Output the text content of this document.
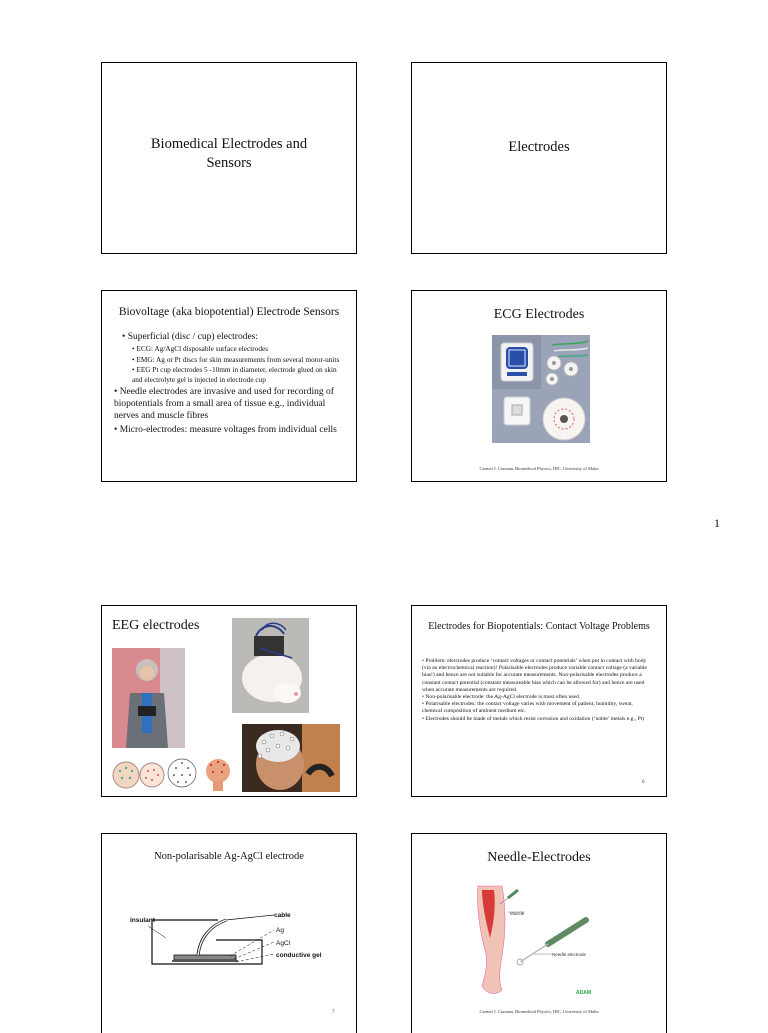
Biomedical Electrodes and Sensors
Electrodes
Biovoltage (aka biopotential) Electrode Sensors
• Superficial (disc / cup) electrodes:
• ECG: Ag/AgCl disposable surface electrodes
• EMG: Ag or Pt discs for skin measurements from several motor-units
• EEG Pt cup electrodes 5 -10mm in diameter, electrode glued on skin and electrolyte gel is injected in electrode cup
• Needle electrodes are invasive and used for recording of biopotentials from a small area of tissue e.g., individual nerves and muscle fibres
• Micro-electrodes: measure voltages from individual cells
ECG Electrodes
Carmel J. Caruana, Biomedical Physics, IHC, University of Malta
1
EEG electrodes	Electrodes for Biopotentials: Contact Voltage Problems

• Problem: electrodes produce ‘contact voltages or contact potentials’ when put in contact with body (via an electrochemical reaction)! Polarisable electrodes produce variable contact voltage (a variable bias!) and hence are not suitable for accurate measurements. Non-polarisable electrodes produce a constant contact potential (constant measureable bias which can be allowed for) and hence are used when accurate measurements are required.

• Non-polarisable electrode: the Ag-AgCl electrode is most often used.

• Polarisable electrodes: the contact voltage varies with movement of patient, humidity, sweat, chemical composition of ambient medium etc.

• Electrodes should be made of metals which resist corrosion and oxidation (‘noble’ metals e.g., Pt)

6
Non-polarisable Ag-AgCl electrode
insulant
cable
Ag
AgCl
conductive gel
7
Needle-Electrodes
Muscle
Needle electrode
ADAM
Carmel J. Caruana, Biomedical Physics, IHC, University of Malta
